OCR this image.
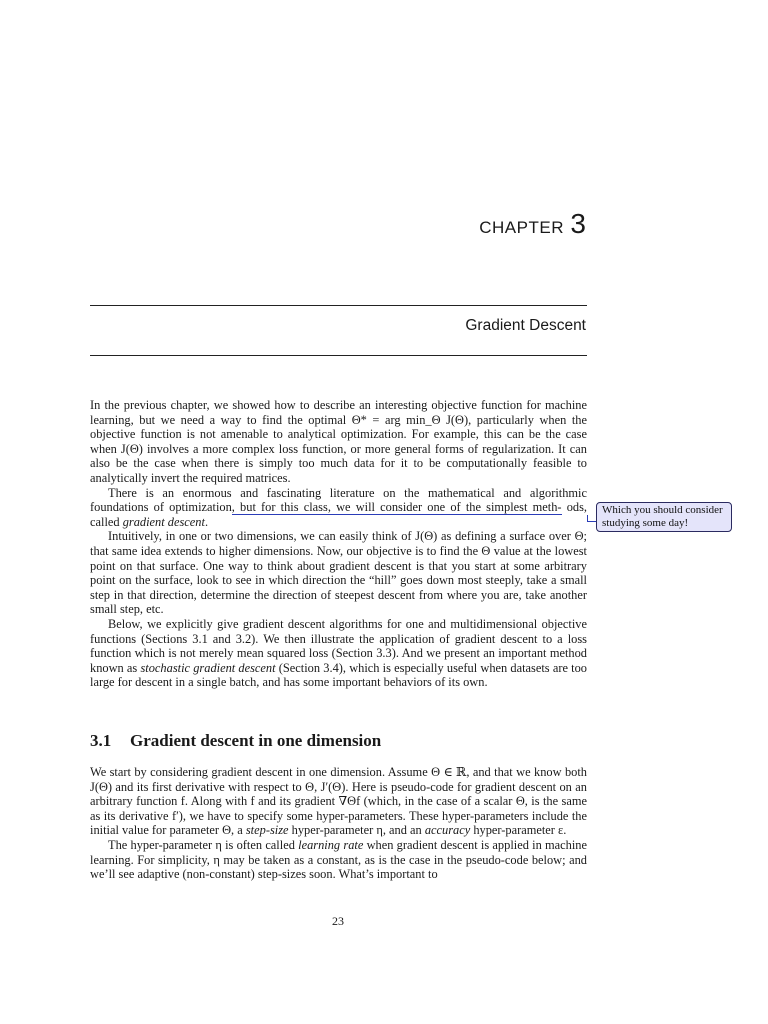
CHAPTER 3
Gradient Descent

In the previous chapter, we showed how to describe an interesting objective function for machine learning, but we need a way to find the optimal Θ* = arg min_Θ J(Θ), particularly when the objective function is not amenable to analytical optimization. For example, this can be the case when J(Θ) involves a more complex loss function, or more general forms of regularization. It can also be the case when there is simply too much data for it to be computationally feasible to analytically invert the required matrices.

There is an enormous and fascinating literature on the mathematical and algorithmic foundations of optimization, but for this class, we will consider one of the simplest meth- ods, called gradient descent.

Intuitively, in one or two dimensions, we can easily think of J(Θ) as defining a surface over Θ; that same idea extends to higher dimensions. Now, our objective is to find the Θ value at the lowest point on that surface. One way to think about gradient descent is that you start at some arbitrary point on the surface, look to see in which direction the “hill” goes down most steeply, take a small step in that direction, determine the direction of steepest descent from where you are, take another small step, etc.

Below, we explicitly give gradient descent algorithms for one and multidimensional objective functions (Sections 3.1 and 3.2). We then illustrate the application of gradient descent to a loss function which is not merely mean squared loss (Section 3.3). And we present an important method known as stochastic gradient descent (Section 3.4), which is especially useful when datasets are too large for descent in a single batch, and has some important behaviors of its own.

Which you should consider studying some day!
3.1 Gradient descent in one dimension

We start by considering gradient descent in one dimension. Assume Θ ∈ ℝ, and that we know both J(Θ) and its first derivative with respect to Θ, J′(Θ). Here is pseudo-code for gradient descent on an arbitrary function f. Along with f and its gradient ∇Θf (which, in the case of a scalar Θ, is the same as its derivative f′), we have to specify some hyper-parameters. These hyper-parameters include the initial value for parameter Θ, a step-size hyper-parameter η, and an accuracy hyper-parameter ε.

The hyper-parameter η is often called learning rate when gradient descent is applied in machine learning. For simplicity, η may be taken as a constant, as is the case in the pseudo-code below; and we’ll see adaptive (non-constant) step-sizes soon. What’s important to

23
